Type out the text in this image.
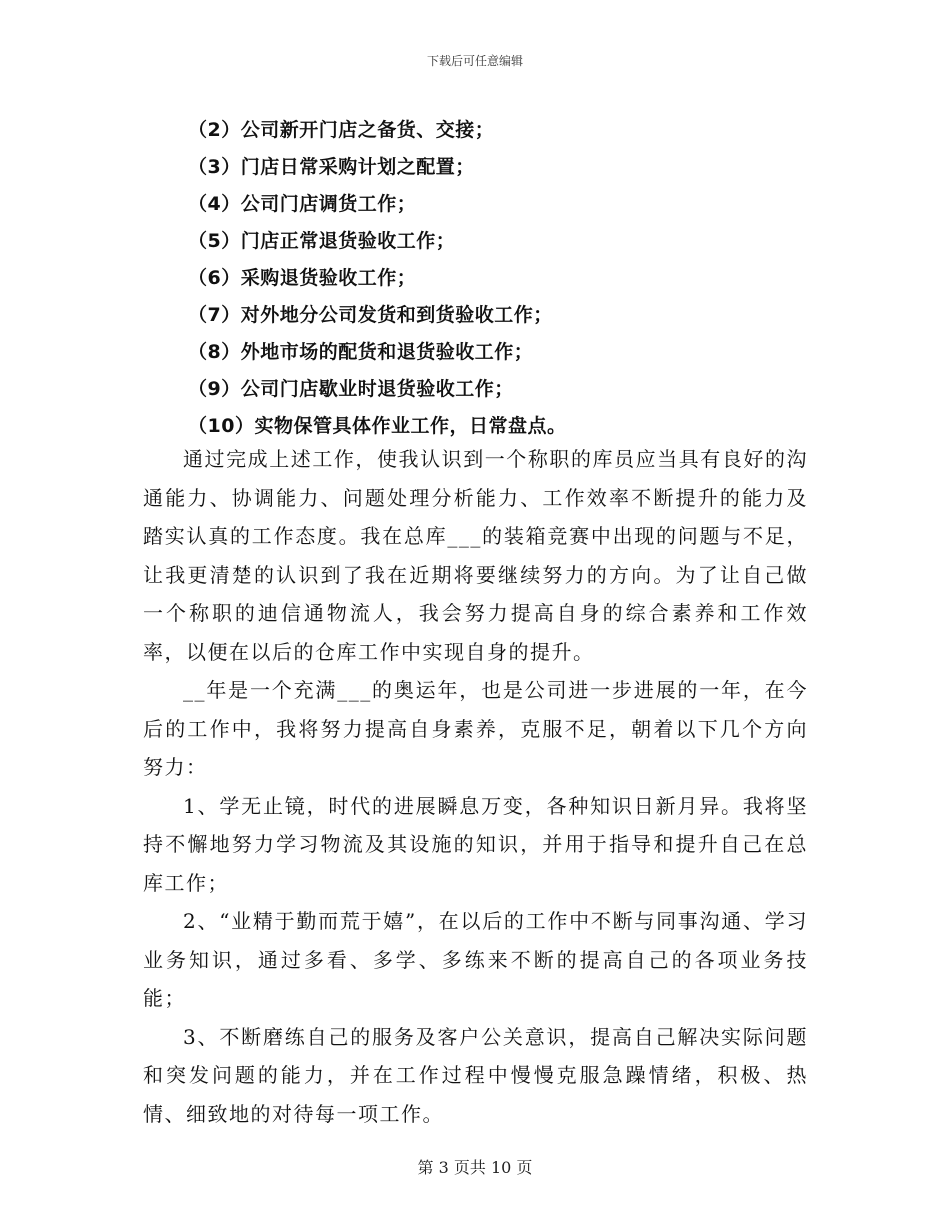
下载后可任意编辑
（2）公司新开门店之备货、交接；
（3）门店日常采购计划之配置；
（4）公司门店调货工作；
（5）门店正常退货验收工作；
（6）采购退货验收工作；
（7）对外地分公司发货和到货验收工作；
（8）外地市场的配货和退货验收工作；
（9）公司门店歇业时退货验收工作；
（10）实物保管具体作业工作，日常盘点。

通过完成上述工作，使我认识到一个称职的库员应当具有良好的沟通能力、协调能力、问题处理分析能力、工作效率不断提升的能力及踏实认真的工作态度。我在总库___的装箱竞赛中出现的问题与不足，让我更清楚的认识到了我在近期将要继续努力的方向。为了让自己做一个称职的迪信通物流人，我会努力提高自身的综合素养和工作效率，以便在以后的仓库工作中实现自身的提升。

__年是一个充满___的奥运年，也是公司进一步进展的一年，在今后的工作中，我将努力提高自身素养，克服不足，朝着以下几个方向努力：

1、学无止镜，时代的进展瞬息万变，各种知识日新月异。我将坚持不懈地努力学习物流及其设施的知识，并用于指导和提升自己在总库工作；

2、“业精于勤而荒于嬉”，在以后的工作中不断与同事沟通、学习业务知识，通过多看、多学、多练来不断的提高自己的各项业务技能；

3、不断磨练自己的服务及客户公关意识，提高自己解决实际问题和突发问题的能力，并在工作过程中慢慢克服急躁情绪，积极、热情、细致地的对待每一项工作。

第 3 页共 10 页
